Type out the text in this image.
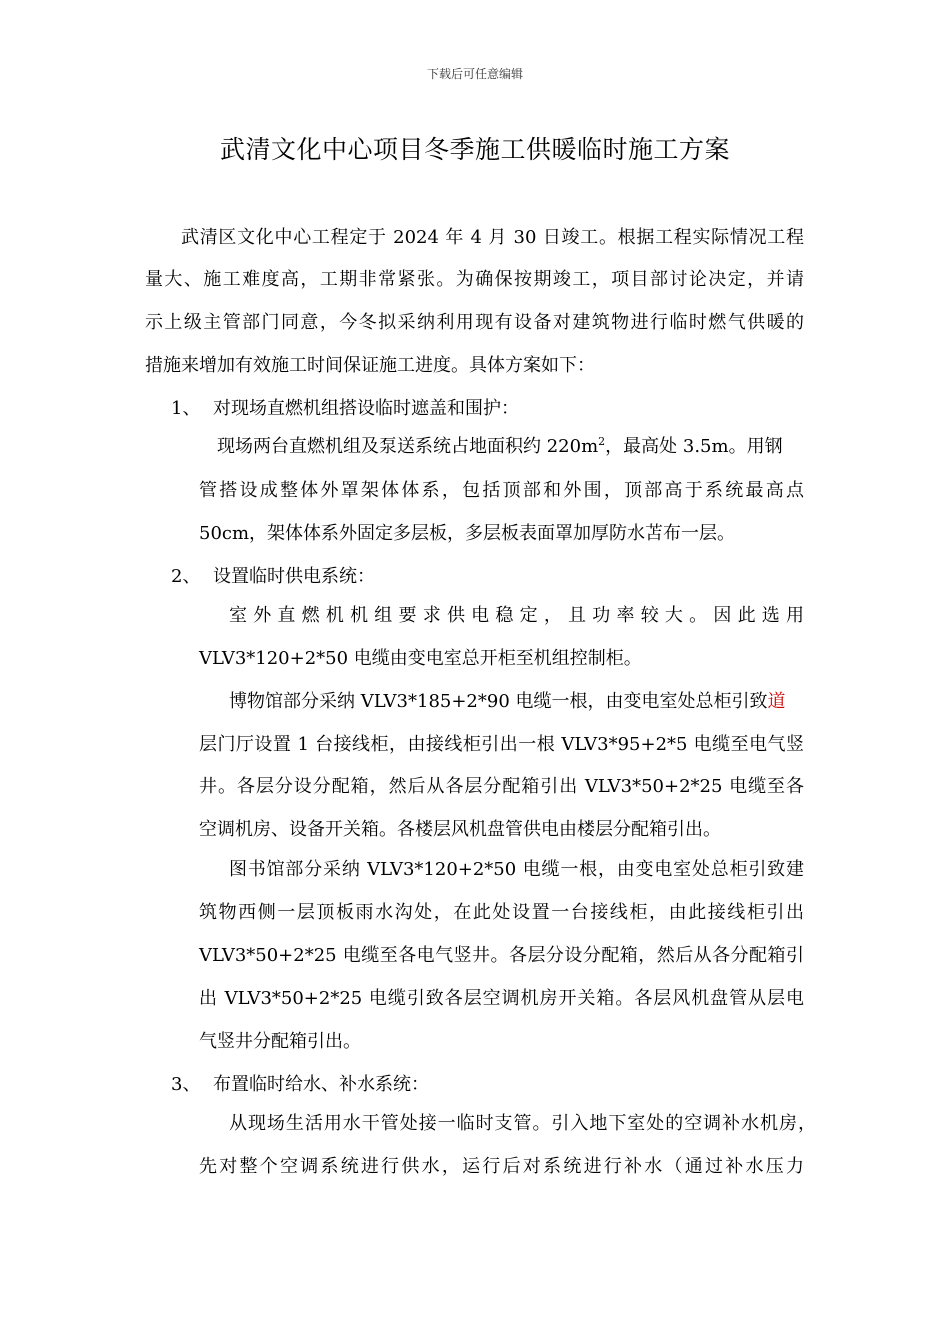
下载后可任意编辑
武清文化中心项目冬季施工供暖临时施工方案
武清区文化中心工程定于 2024 年 4 月 30 日竣工。根据工程实际情况工程
量大、施工难度高，工期非常紧张。为确保按期竣工，项目部讨论决定，并请
示上级主管部门同意，今冬拟采纳利用现有设备对建筑物进行临时燃气供暖的
措施来增加有效施工时间保证施工进度。具体方案如下：
1、 对现场直燃机组搭设临时遮盖和围护：
现场两台直燃机组及泵送系统占地面积约 $220m^2$，最高处 3.5m。用钢
管搭设成整体外罩架体体系，包括顶部和外围，顶部高于系统最高点
50cm，架体体系外固定多层板，多层板表面罩加厚防水苫布一层。
2、 设置临时供电系统：
室外直燃机机组要求供电稳定，且功率较大。因此选用
VLV3*120+2*50 电缆由变电室总开柜至机组控制柜。
博物馆部分采纳 VLV3*185+2*90 电缆一根，由变电室处总柜引致道
层门厅设置 1 台接线柜，由接线柜引出一根 VLV3*95+2*5 电缆至电气竖
井。各层分设分配箱，然后从各层分配箱引出 VLV3*50+2*25 电缆至各
空调机房、设备开关箱。各楼层风机盘管供电由楼层分配箱引出。
图书馆部分采纳 VLV3*120+2*50 电缆一根，由变电室处总柜引致建
筑物西侧一层顶板雨水沟处，在此处设置一台接线柜，由此接线柜引出
VLV3*50+2*25 电缆至各电气竖井。各层分设分配箱，然后从各分配箱引
出 VLV3*50+2*25 电缆引致各层空调机房开关箱。各层风机盘管从层电
气竖井分配箱引出。
3、 布置临时给水、补水系统：
从现场生活用水干管处接一临时支管。引入地下室处的空调补水机房，
先对整个空调系统进行供水，运行后对系统进行补水（通过补水压力
